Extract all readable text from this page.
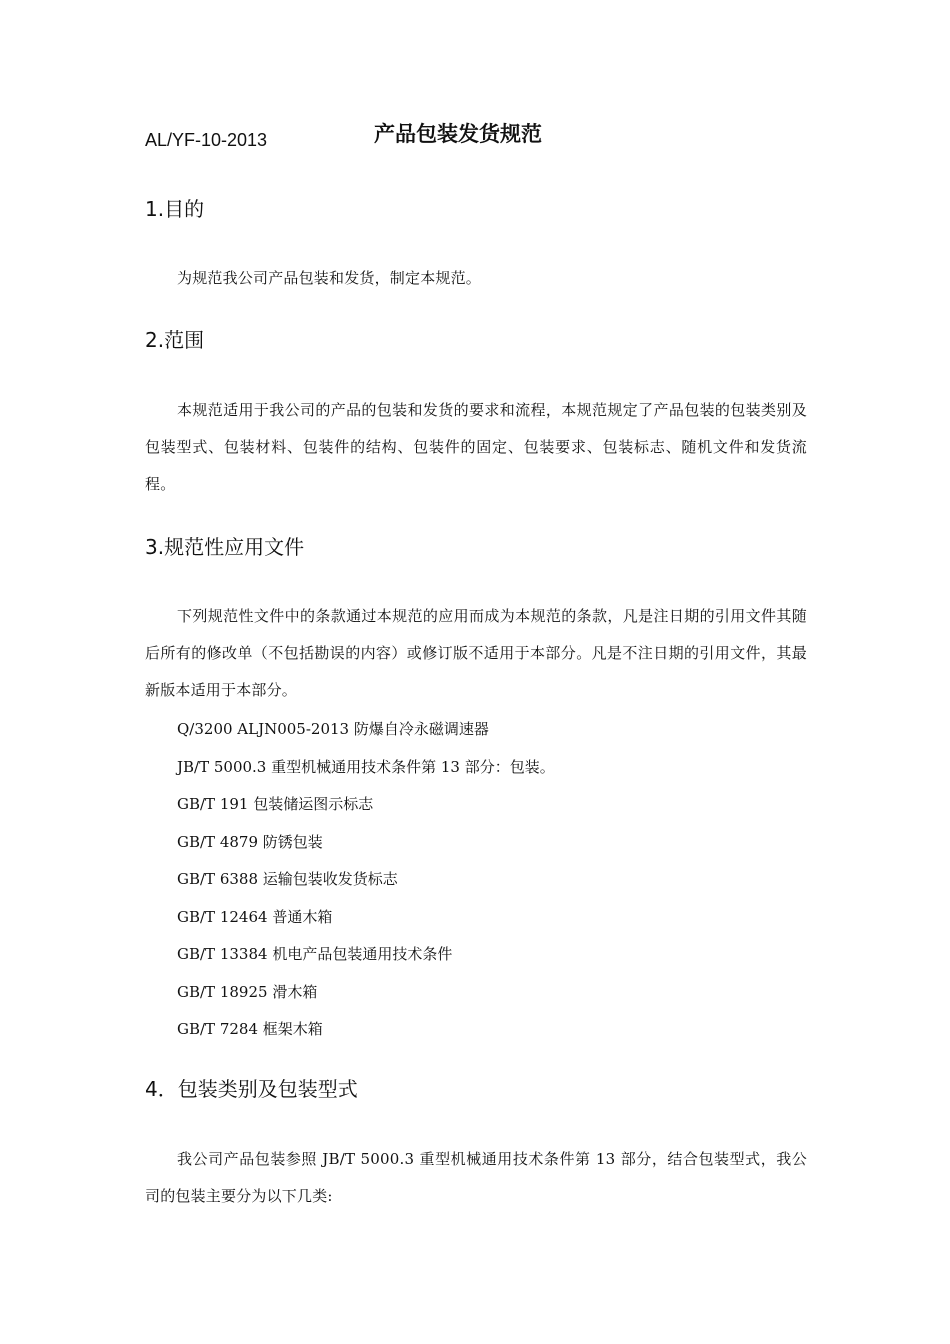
AL/YF-10-2013	产品包装发货规范
1.目的
为规范我公司产品包装和发货，制定本规范。
2.范围
本规范适用于我公司的产品的包装和发货的要求和流程，本规范规定了产品包装的包装类别及包装型式、包装材料、包装件的结构、包装件的固定、包装要求、包装标志、随机文件和发货流程。
3.规范性应用文件
下列规范性文件中的条款通过本规范的应用而成为本规范的条款，凡是注日期的引用文件其随后所有的修改单（不包括勘误的内容）或修订版不适用于本部分。凡是不注日期的引用文件，其最新版本适用于本部分。
Q/3200 ALJN005-2013 防爆自冷永磁调速器
JB/T 5000.3 重型机械通用技术条件第 13 部分：包装。
GB/T 191 包装储运图示标志
GB/T 4879 防锈包装
GB/T 6388 运输包装收发货标志
GB/T 12464 普通木箱
GB/T 13384 机电产品包装通用技术条件
GB/T 18925 滑木箱
GB/T 7284 框架木箱
4．包装类别及包装型式
我公司产品包装参照 JB/T 5000.3 重型机械通用技术条件第 13 部分，结合包装型式，我公司的包装主要分为以下几类:
